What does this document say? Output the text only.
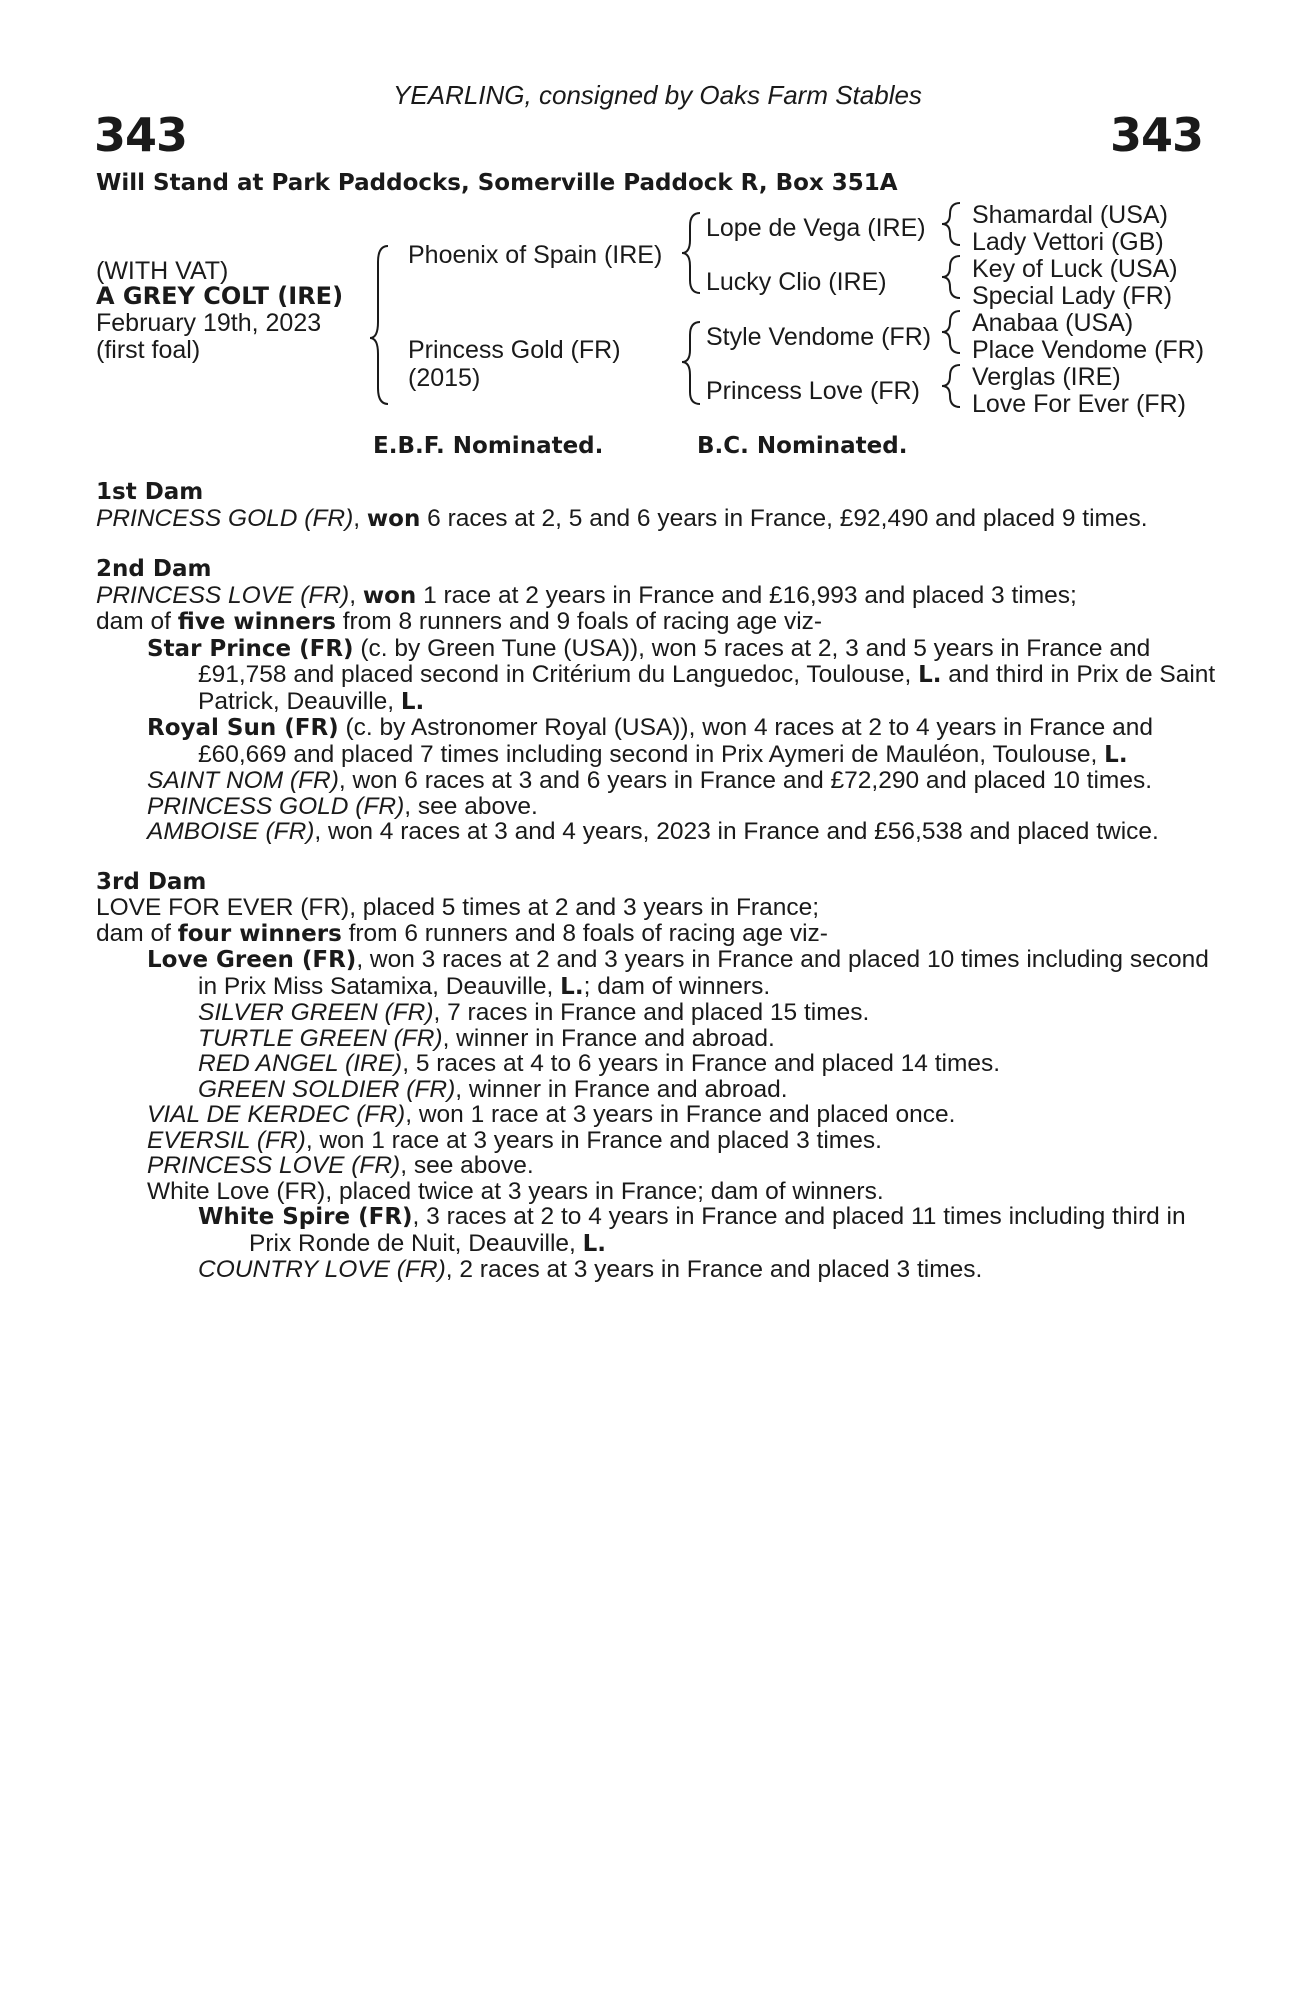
YEARLING, consigned by Oaks Farm Stables
343	343
Will Stand at Park Paddocks, Somerville Paddock R, Box 351A
(WITH VAT)
A GREY COLT (IRE)
February 19th, 2023
(first foal)
Phoenix of Spain (IRE)
Princess Gold (FR)
(2015)
Lope de Vega (IRE)
Lucky Clio (IRE)
Style Vendome (FR)
Princess Love (FR)
Shamardal (USA)
Lady Vettori (GB)
Key of Luck (USA)
Special Lady (FR)
Anabaa (USA)
Place Vendome (FR)
Verglas (IRE)
Love For Ever (FR)
E.B.F. Nominated.	B.C. Nominated.
1st Dam
PRINCESS GOLD (FR), won 6 races at 2, 5 and 6 years in France, £92,490 and placed 9 times.
2nd Dam
PRINCESS LOVE (FR), won 1 race at 2 years in France and £16,993 and placed 3 times;
dam of five winners from 8 runners and 9 foals of racing age viz-
Star Prince (FR) (c. by Green Tune (USA)), won 5 races at 2, 3 and 5 years in France and £91,758 and placed second in Critérium du Languedoc, Toulouse, L. and third in Prix de Saint Patrick, Deauville, L.
Royal Sun (FR) (c. by Astronomer Royal (USA)), won 4 races at 2 to 4 years in France and £60,669 and placed 7 times including second in Prix Aymeri de Mauléon, Toulouse, L.
SAINT NOM (FR), won 6 races at 3 and 6 years in France and £72,290 and placed 10 times.
PRINCESS GOLD (FR), see above.
AMBOISE (FR), won 4 races at 3 and 4 years, 2023 in France and £56,538 and placed twice.
3rd Dam
LOVE FOR EVER (FR), placed 5 times at 2 and 3 years in France;
dam of four winners from 6 runners and 8 foals of racing age viz-
Love Green (FR), won 3 races at 2 and 3 years in France and placed 10 times including second in Prix Miss Satamixa, Deauville, L.; dam of winners.
SILVER GREEN (FR), 7 races in France and placed 15 times.
TURTLE GREEN (FR), winner in France and abroad.
RED ANGEL (IRE), 5 races at 4 to 6 years in France and placed 14 times.
GREEN SOLDIER (FR), winner in France and abroad.
VIAL DE KERDEC (FR), won 1 race at 3 years in France and placed once.
EVERSIL (FR), won 1 race at 3 years in France and placed 3 times.
PRINCESS LOVE (FR), see above.
White Love (FR), placed twice at 3 years in France; dam of winners.
White Spire (FR), 3 races at 2 to 4 years in France and placed 11 times including third in Prix Ronde de Nuit, Deauville, L.
COUNTRY LOVE (FR), 2 races at 3 years in France and placed 3 times.
